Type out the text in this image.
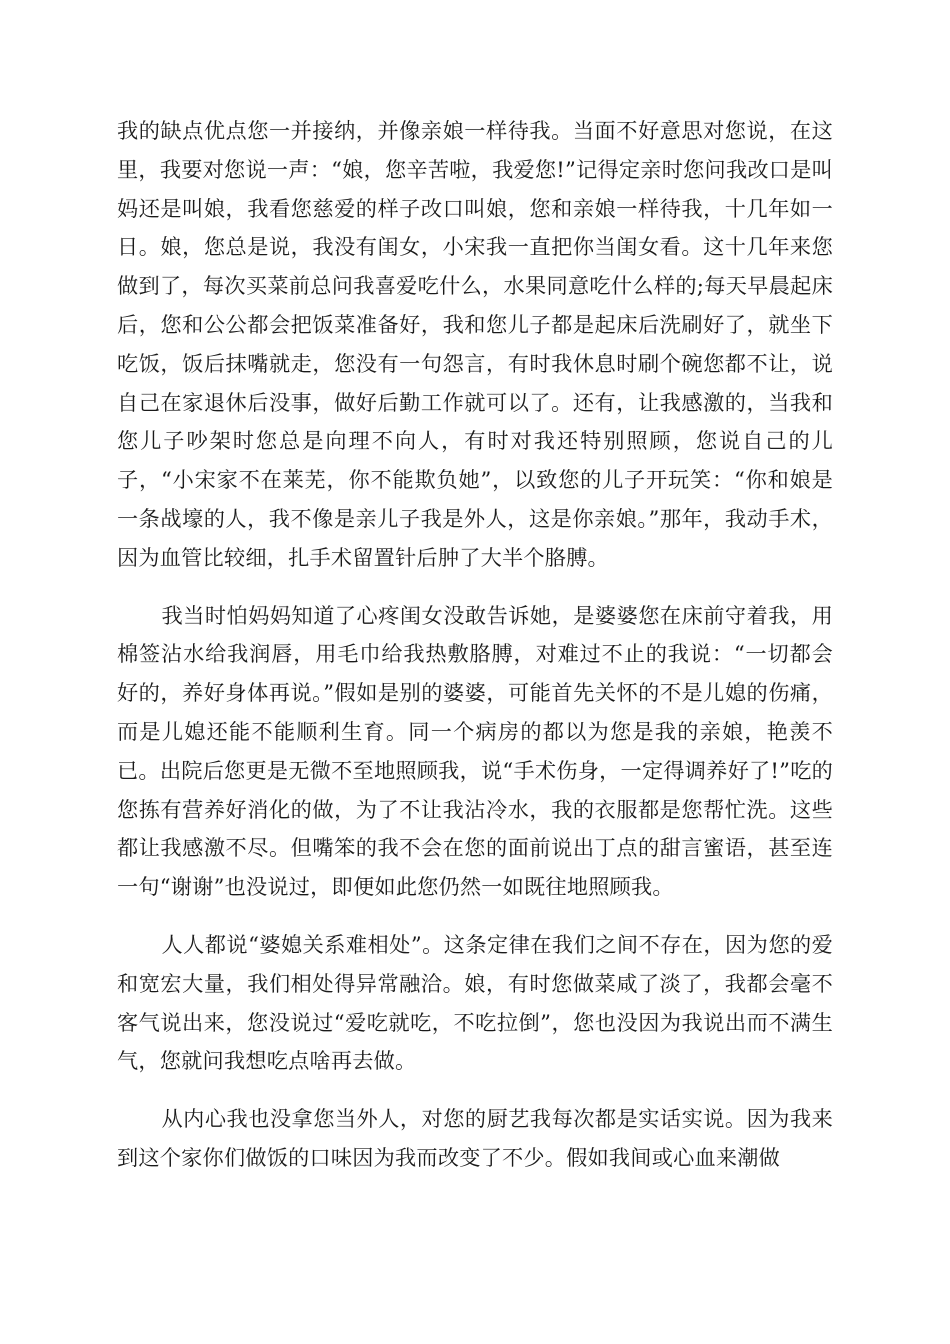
我的缺点优点您一并接纳，并像亲娘一样待我。当面不好意思对您说，在这里，我要对您说一声：“娘，您辛苦啦，我爱您!”记得定亲时您问我改口是叫妈还是叫娘，我看您慈爱的样子改口叫娘，您和亲娘一样待我，十几年如一日。娘，您总是说，我没有闺女，小宋我一直把你当闺女看。这十几年来您做到了，每次买菜前总问我喜爱吃什么，水果同意吃什么样的;每天早晨起床后，您和公公都会把饭菜准备好，我和您儿子都是起床后洗刷好了，就坐下吃饭，饭后抹嘴就走，您没有一句怨言，有时我休息时刷个碗您都不让，说自己在家退休后没事，做好后勤工作就可以了。还有，让我感激的，当我和您儿子吵架时您总是向理不向人，有时对我还特别照顾，您说自己的儿子，“小宋家不在莱芜，你不能欺负她”，以致您的儿子开玩笑：“你和娘是一条战壕的人，我不像是亲儿子我是外人，这是你亲娘。”那年，我动手术，因为血管比较细，扎手术留置针后肿了大半个胳膊。

我当时怕妈妈知道了心疼闺女没敢告诉她，是婆婆您在床前守着我，用棉签沾水给我润唇，用毛巾给我热敷胳膊，对难过不止的我说：“一切都会好的，养好身体再说。”假如是别的婆婆，可能首先关怀的不是儿媳的伤痛，而是儿媳还能不能顺利生育。同一个病房的都以为您是我的亲娘，艳羡不已。出院后您更是无微不至地照顾我，说“手术伤身，一定得调养好了!”吃的您拣有营养好消化的做，为了不让我沾冷水，我的衣服都是您帮忙洗。这些都让我感激不尽。但嘴笨的我不会在您的面前说出丁点的甜言蜜语，甚至连一句“谢谢”也没说过，即便如此您仍然一如既往地照顾我。

人人都说“婆媳关系难相处”。这条定律在我们之间不存在，因为您的爱和宽宏大量，我们相处得异常融洽。娘，有时您做菜咸了淡了，我都会毫不客气说出来，您没说过“爱吃就吃，不吃拉倒”，您也没因为我说出而不满生气，您就问我想吃点啥再去做。

从内心我也没拿您当外人，对您的厨艺我每次都是实话实说。因为我来到这个家你们做饭的口味因为我而改变了不少。假如我间或心血来潮做
